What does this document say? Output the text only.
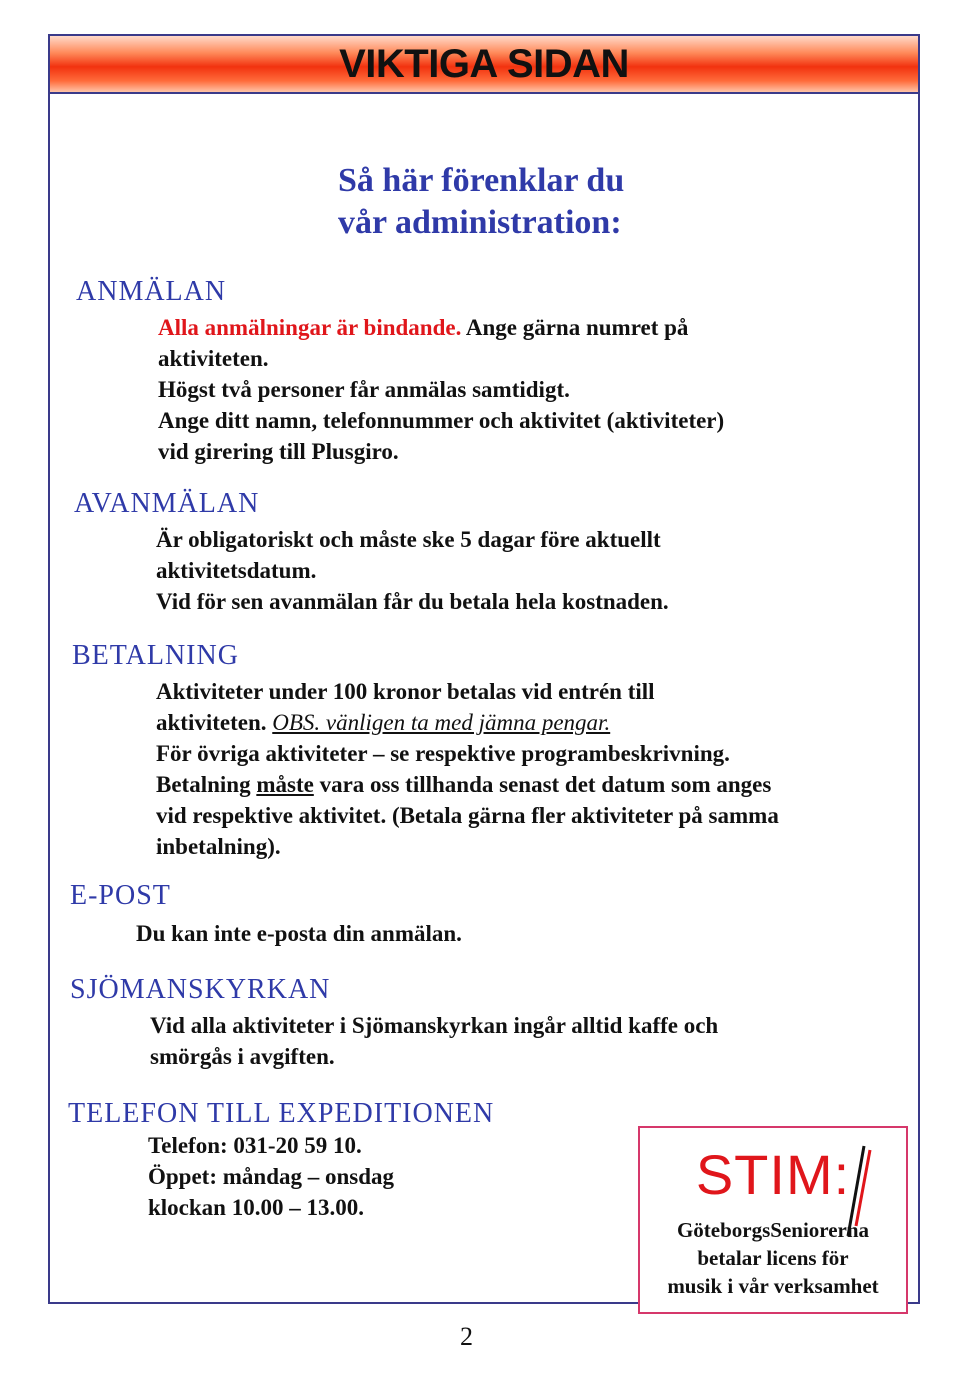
VIKTIGA SIDAN
Så här förenklar du
vår administration:
ANMÄLAN
Alla anmälningar är bindande. Ange gärna numret på
aktiviteten.
Högst två personer får anmälas samtidigt.
Ange ditt namn, telefonnummer och aktivitet (aktiviteter)
vid girering till Plusgiro.
AVANMÄLAN
Är obligatoriskt och måste ske 5 dagar före aktuellt
aktivitetsdatum.
Vid för sen avanmälan får du betala hela kostnaden.
BETALNING
Aktiviteter under 100 kronor betalas vid entrén till
aktiviteten. OBS. vänligen ta med jämna pengar.
För övriga aktiviteter – se respektive programbeskrivning.
Betalning måste vara oss tillhanda senast det datum som anges
vid respektive aktivitet. (Betala gärna fler aktiviteter på samma
inbetalning).
E-POST
Du kan inte e-posta din anmälan.
SJÖMANSKYRKAN
Vid alla aktiviteter i Sjömanskyrkan ingår alltid kaffe och
smörgås i avgiften.
TELEFON TILL EXPEDITIONEN
Telefon: 031-20 59 10.
Öppet: måndag – onsdag
klockan 10.00 – 13.00.
STIM:
GöteborgsSeniorerna
betalar licens för
musik i vår verksamhet
2
